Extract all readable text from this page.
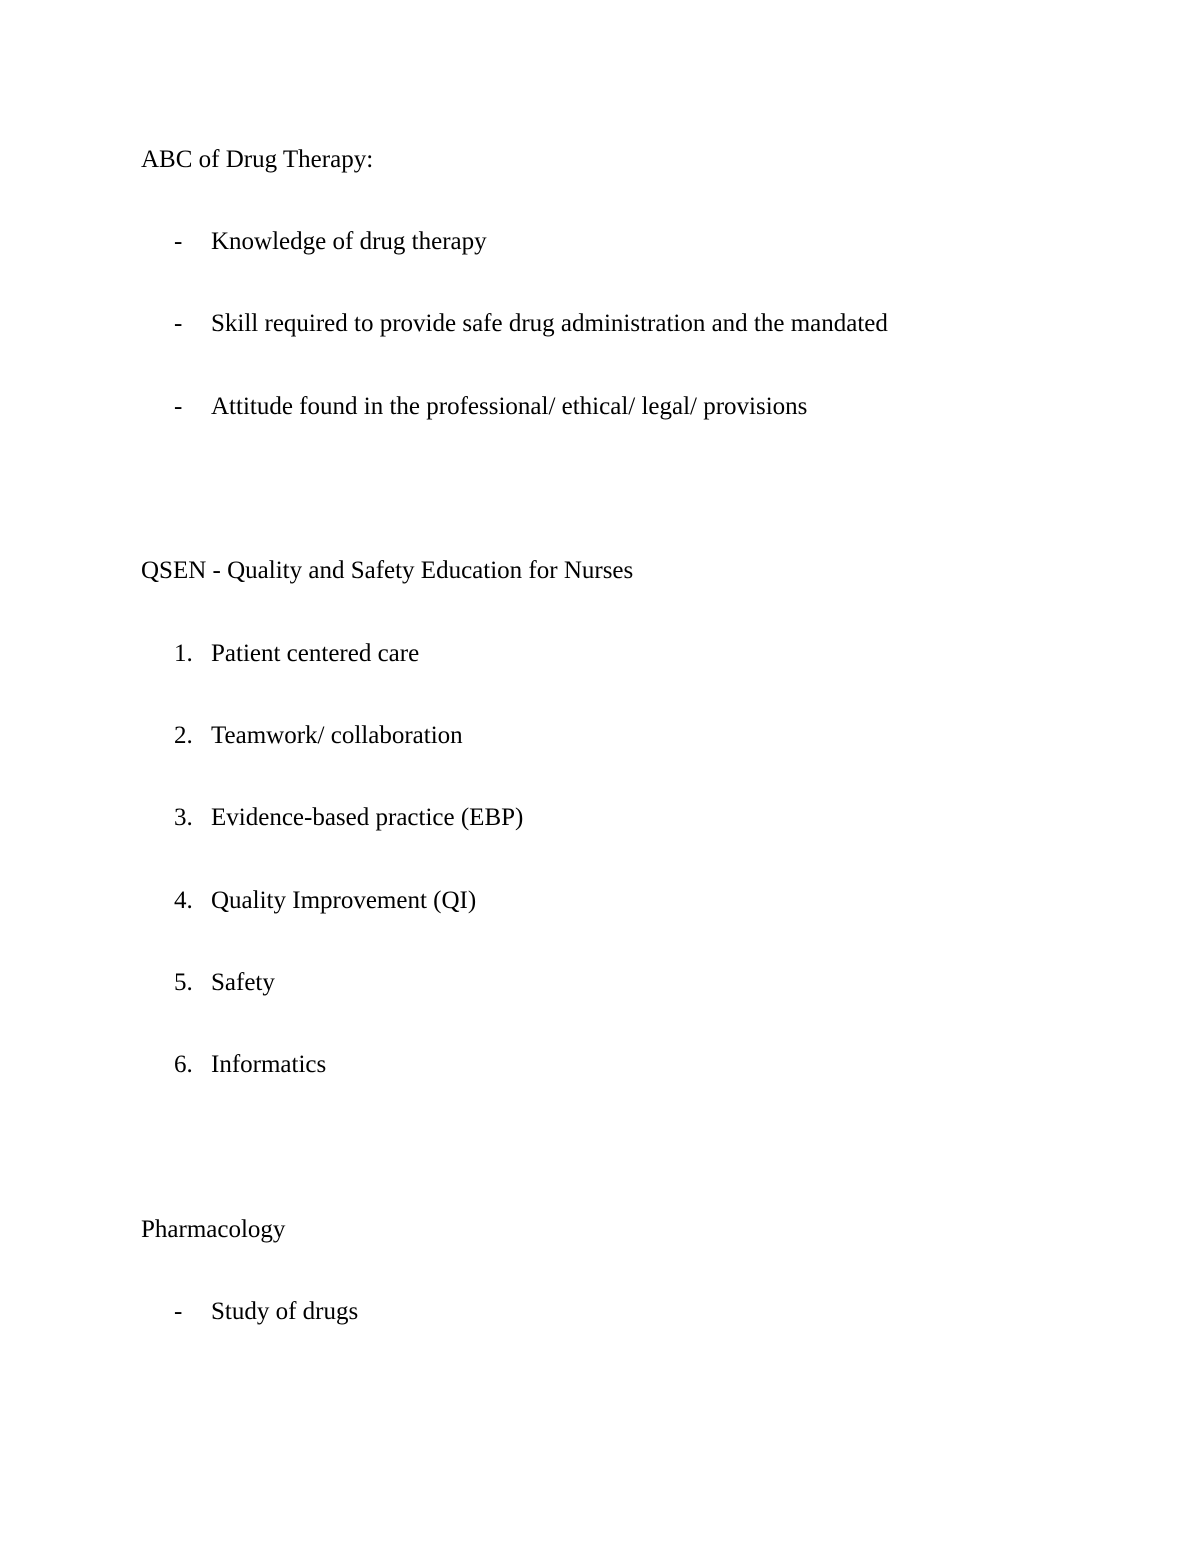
ABC of Drug Therapy:
- Knowledge of drug therapy
- Skill required to provide safe drug administration and the mandated
- Attitude found in the professional/ ethical/ legal/ provisions
QSEN - Quality and Safety Education for Nurses
1. Patient centered care
2. Teamwork/ collaboration
3. Evidence-based practice (EBP)
4. Quality Improvement (QI)
5. Safety
6. Informatics
Pharmacology
- Study of drugs
